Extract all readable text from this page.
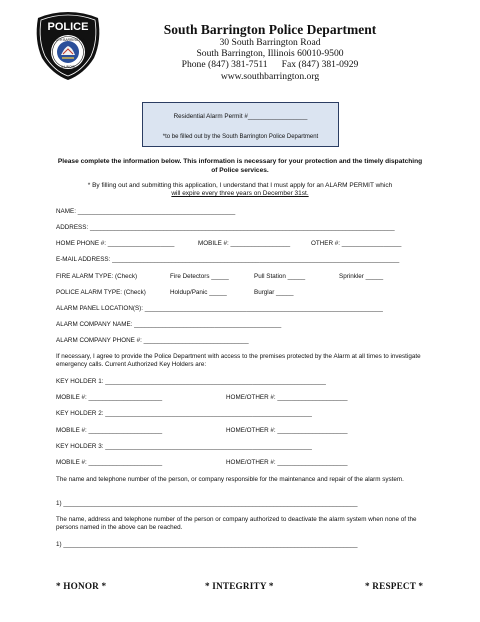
POLICE
SOUTH BARRINGTON
ILLINOIS
South Barrington Police Department
30 South Barrington Road
South Barrington, Illinois 60010-9500
Phone (847) 381-7511 Fax (847) 381-0929
www.southbarrington.org
Residential Alarm Permit #_________________
*to be filled out by the South Barrington Police Department
Please complete the information below. This information is necessary for your protection and the timely dispatching of Police services.
* By filling out and submitting this application, I understand that I must apply for an ALARM PERMIT which
will expire every three years on December 31st.
NAME: _____________________________________________
ADDRESS: _______________________________________________________________________________________
HOME PHONE #: ___________________	MOBILE #: _________________	OTHER #: _________________
E-MAIL ADDRESS: __________________________________________________________________________________
FIRE ALARM TYPE: (Check)	Fire Detectors _____	Pull Station _____	Sprinkler _____
POLICE ALARM TYPE: (Check)	Holdup/Panic _____	Burglar _____
ALARM PANEL LOCATION(S): ____________________________________________________________________
ALARM COMPANY NAME: __________________________________________
ALARM COMPANY PHONE #: ______________________________
If necessary, I agree to provide the Police Department with access to the premises protected by the Alarm at all times to investigate emergency calls. Current Authorized Key Holders are:
KEY HOLDER 1: _______________________________________________________________
MOBILE #: _____________________	HOME/OTHER #: ____________________
KEY HOLDER 2: ___________________________________________________________
MOBILE #: _____________________	HOME/OTHER #: ____________________
KEY HOLDER 3: ___________________________________________________________
MOBILE #: _____________________	HOME/OTHER #: ____________________
The name and telephone number of the person, or company responsible for the maintenance and repair of the alarm system.
1) ____________________________________________________________________________________
The name, address and telephone number of the person or company authorized to deactivate the alarm system when none of the persons named in the above can be reached.
1) ____________________________________________________________________________________
* HONOR *	* INTEGRITY *	* RESPECT *
